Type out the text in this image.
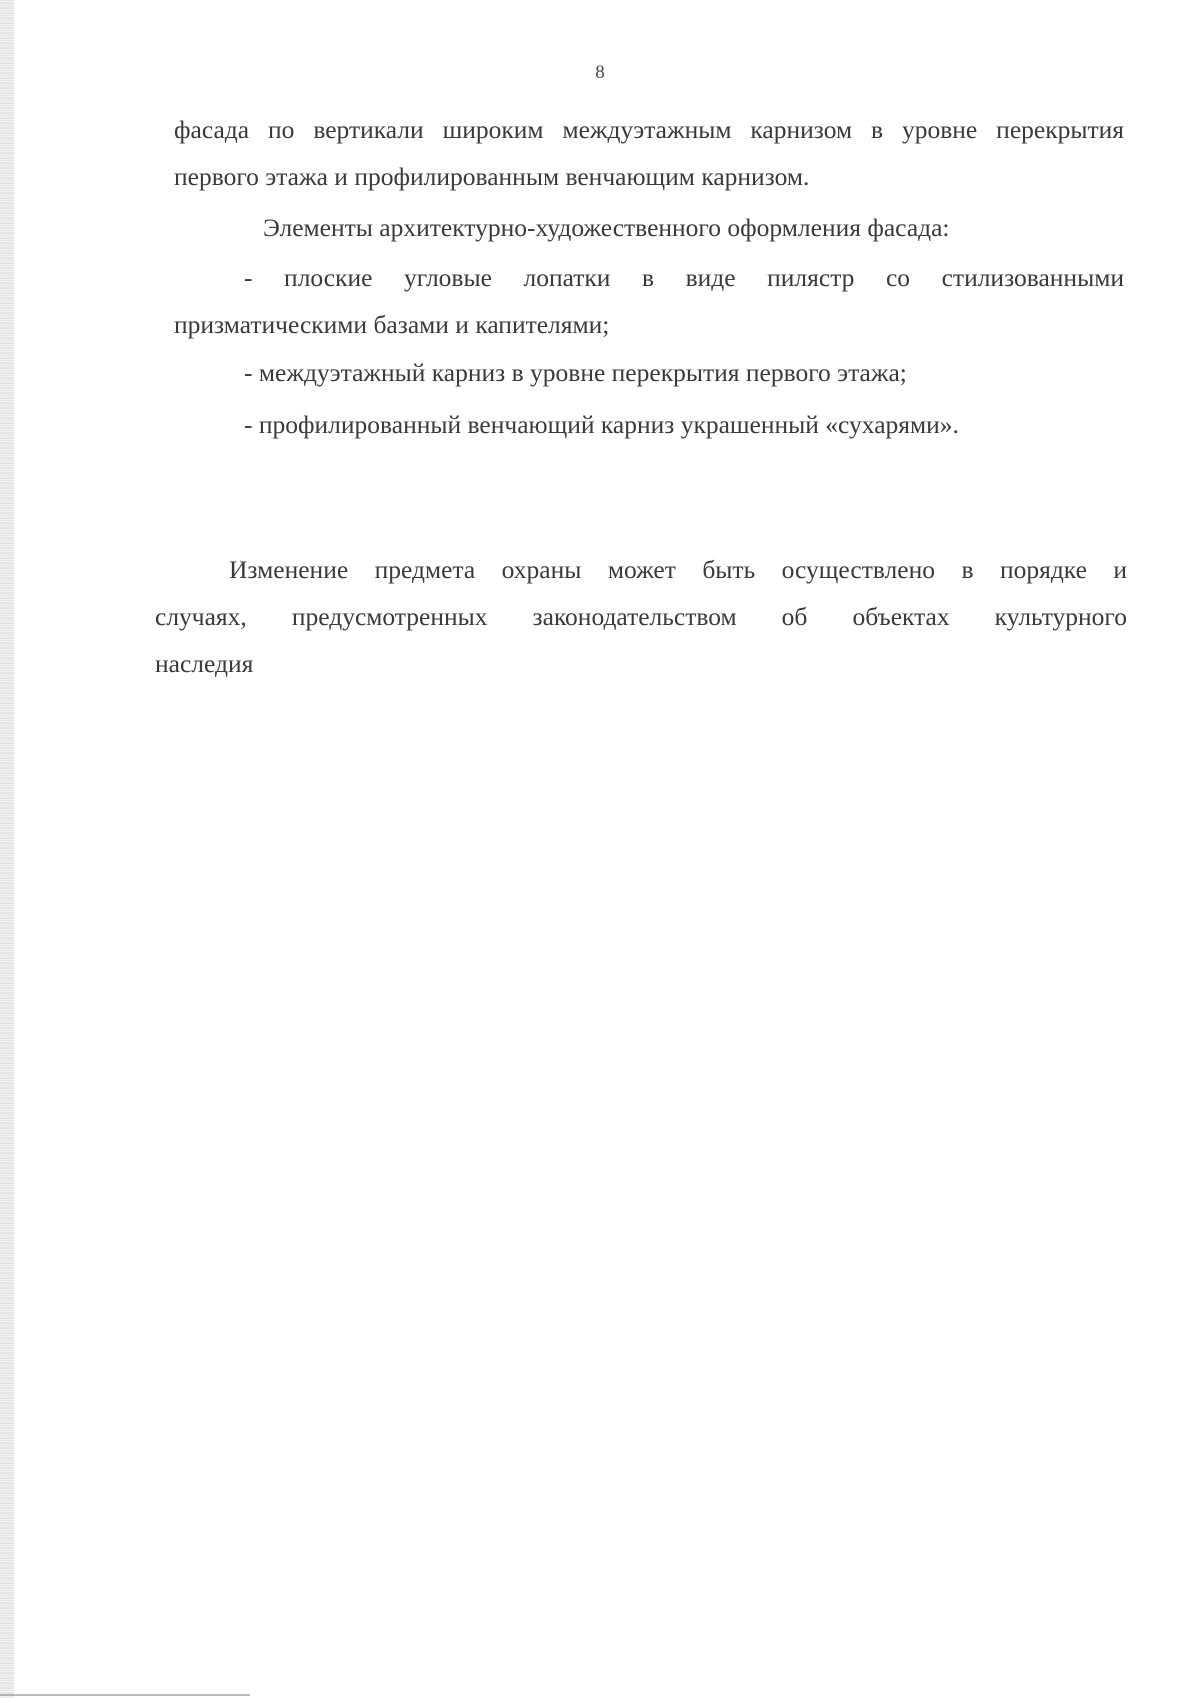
8
фасада по вертикали широким междуэтажным карнизом в уровне перекрытия
первого этажа и профилированным венчающим карнизом.
Элементы архитектурно-художественного оформления фасада:
- плоские угловые лопатки в виде пилястр со стилизованными
призматическими базами и капителями;
- междуэтажный карниз в уровне перекрытия первого этажа;
- профилированный венчающий карниз украшенный «сухарями».
Изменение предмета охраны может быть осуществлено в порядке и
случаях, предусмотренных законодательством об объектах культурного
наследия
